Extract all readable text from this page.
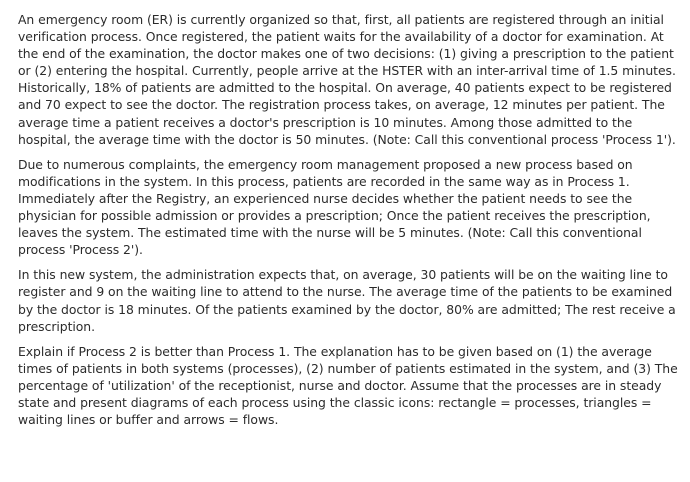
An emergency room (ER) is currently organized so that, first, all patients are registered through an initial verification process. Once registered, the patient waits for the availability of a doctor for examination. At the end of the examination, the doctor makes one of two decisions: (1) giving a prescription to the patient or (2) entering the hospital. Currently, people arrive at the HSTER with an inter-arrival time of 1.5 minutes. Historically, 18% of patients are admitted to the hospital. On average, 40 patients expect to be registered and 70 expect to see the doctor. The registration process takes, on average, 12 minutes per patient. The average time a patient receives a doctor's prescription is 10 minutes. Among those admitted to the hospital, the average time with the doctor is 50 minutes. (Note: Call this conventional process 'Process 1').

Due to numerous complaints, the emergency room management proposed a new process based on modifications in the system. In this process, patients are recorded in the same way as in Process 1. Immediately after the Registry, an experienced nurse decides whether the patient needs to see the physician for possible admission or provides a prescription; Once the patient receives the prescription, leaves the system. The estimated time with the nurse will be 5 minutes. (Note: Call this conventional process 'Process 2').

In this new system, the administration expects that, on average, 30 patients will be on the waiting line to register and 9 on the waiting line to attend to the nurse. The average time of the patients to be examined by the doctor is 18 minutes. Of the patients examined by the doctor, 80% are admitted; The rest receive a prescription.

Explain if Process 2 is better than Process 1. The explanation has to be given based on (1) the average times of patients in both systems (processes), (2) number of patients estimated in the system, and (3) The percentage of 'utilization' of the receptionist, nurse and doctor. Assume that the processes are in steady state and present diagrams of each process using the classic icons: rectangle = processes, triangles = waiting lines or buffer and arrows = flows.
